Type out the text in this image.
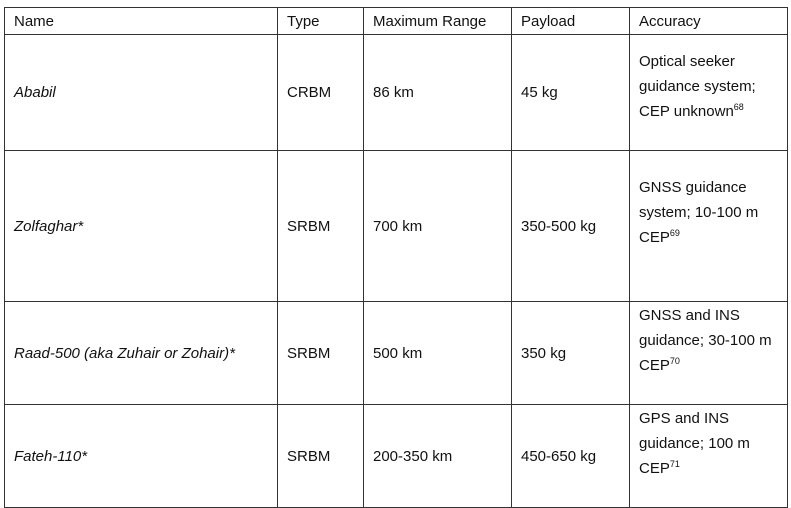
Name	Type	Maximum Range	Payload	Accuracy
Ababil	CRBM	86 km	45 kg	Optical seeker guidance system; CEP unknown$^{68}$
Zolfaghar*	SRBM	700 km	350-500 kg	GNSS guidance system; 10-100 m CEP$^{69}$
Raad-500 (aka Zuhair or Zohair)*	SRBM	500 km	350 kg	GNSS and INS guidance; 30-100 m CEP$^{70}$
Fateh-110*	SRBM	200-350 km	450-650 kg	GPS and INS guidance; 100 m CEP$^{71}$
